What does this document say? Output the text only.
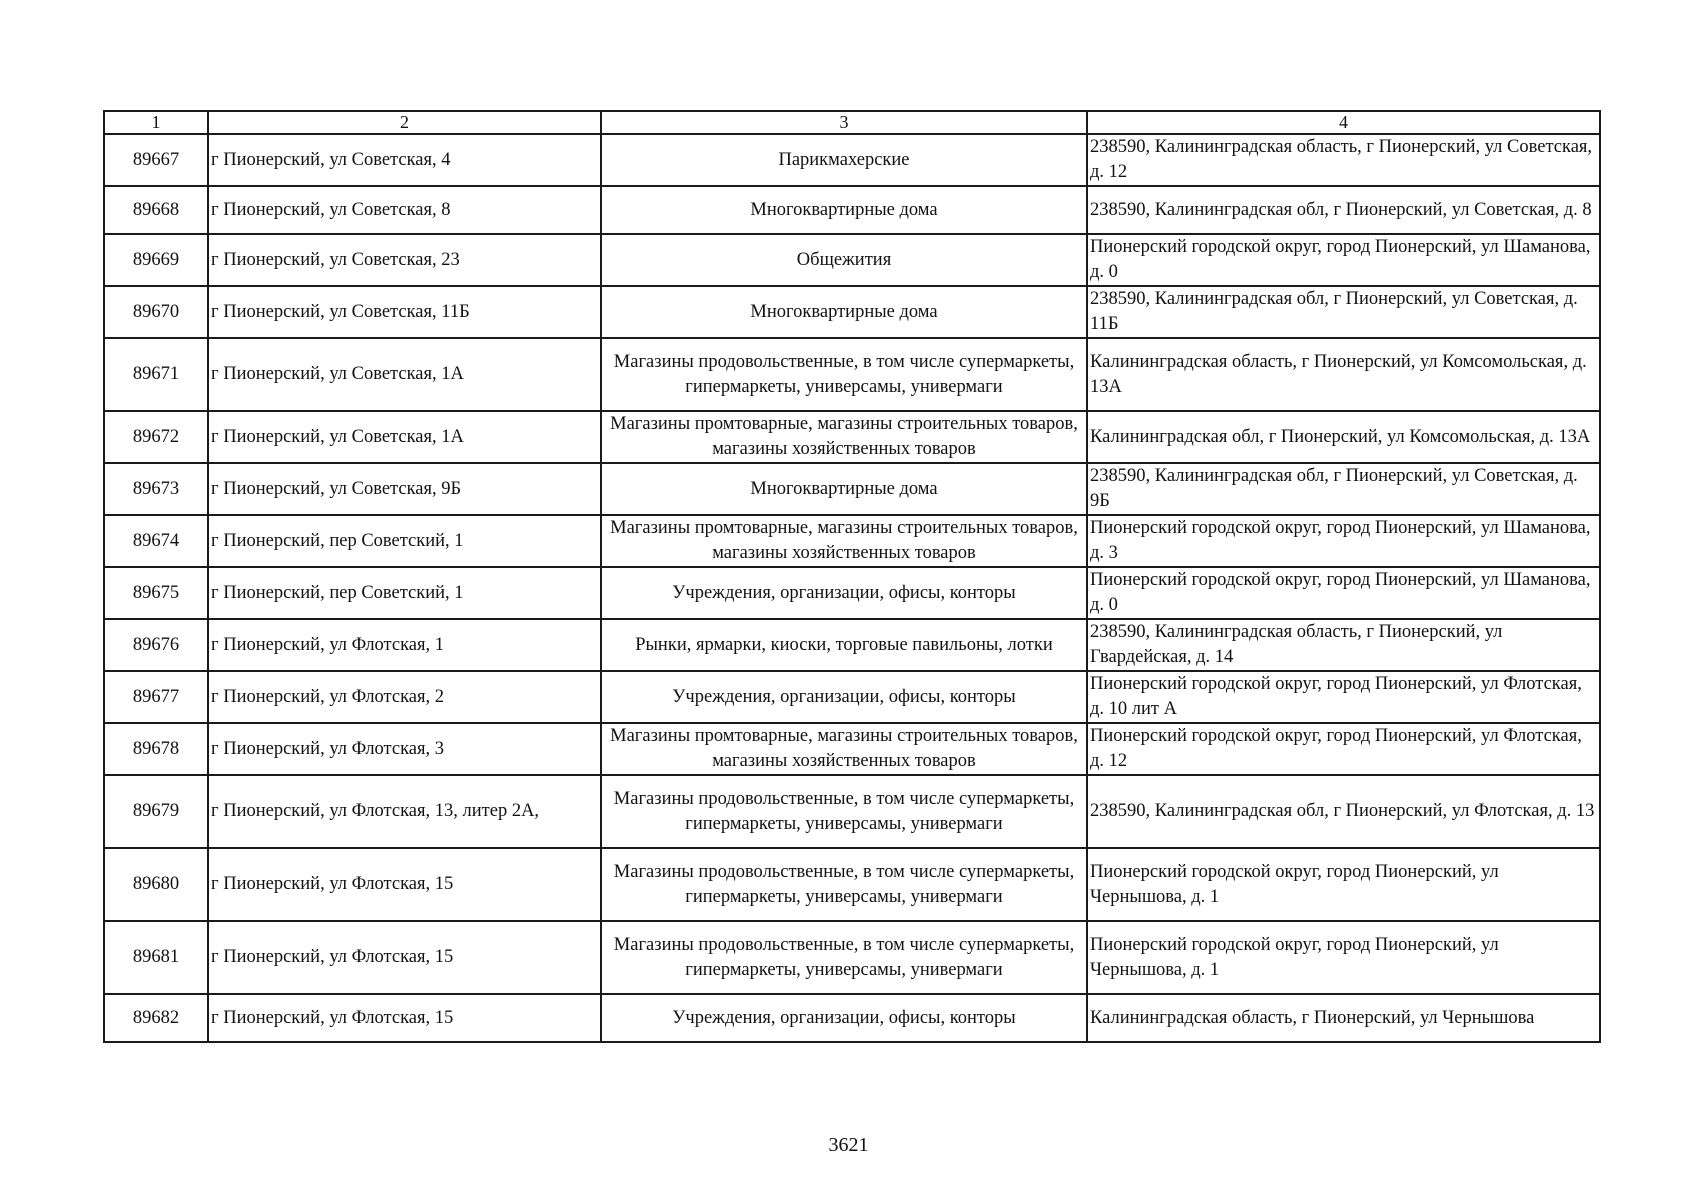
1	2	3	4
89667	г Пионерский, ул Советская, 4	Парикмахерские	238590, Калининградская область, г Пионерский, ул Советская, д. 12
89668	г Пионерский, ул Советская, 8	Многоквартирные дома	238590, Калининградская обл, г Пионерский, ул Советская, д. 8
89669	г Пионерский, ул Советская, 23	Общежития	Пионерский городской округ, город Пионерский, ул Шаманова, д. 0
89670	г Пионерский, ул Советская, 11Б	Многоквартирные дома	238590, Калининградская обл, г Пионерский, ул Советская, д. 11Б
89671	г Пионерский, ул Советская, 1А	Магазины продовольственные, в том числе супермаркеты, гипермаркеты, универсамы, универмаги	Калининградская область, г Пионерский, ул Комсомольская, д. 13А
89672	г Пионерский, ул Советская, 1А	Магазины промтоварные, магазины строительных товаров, магазины хозяйственных товаров	Калининградская обл, г Пионерский, ул Комсомольская, д. 13А
89673	г Пионерский, ул Советская, 9Б	Многоквартирные дома	238590, Калининградская обл, г Пионерский, ул Советская, д. 9Б
89674	г Пионерский, пер Советский, 1	Магазины промтоварные, магазины строительных товаров, магазины хозяйственных товаров	Пионерский городской округ, город Пионерский, ул Шаманова, д. 3
89675	г Пионерский, пер Советский, 1	Учреждения, организации, офисы, конторы	Пионерский городской округ, город Пионерский, ул Шаманова, д. 0
89676	г Пионерский, ул Флотская, 1	Рынки, ярмарки, киоски, торговые павильоны, лотки	238590, Калининградская область, г Пионерский, ул Гвардейская, д. 14
89677	г Пионерский, ул Флотская, 2	Учреждения, организации, офисы, конторы	Пионерский городской округ, город Пионерский, ул Флотская, д. 10 лит А
89678	г Пионерский, ул Флотская, 3	Магазины промтоварные, магазины строительных товаров, магазины хозяйственных товаров	Пионерский городской округ, город Пионерский, ул Флотская, д. 12
89679	г Пионерский, ул Флотская, 13, литер 2А,	Магазины продовольственные, в том числе супермаркеты, гипермаркеты, универсамы, универмаги	238590, Калининградская обл, г Пионерский, ул Флотская, д. 13
89680	г Пионерский, ул Флотская, 15	Магазины продовольственные, в том числе супермаркеты, гипермаркеты, универсамы, универмаги	Пионерский городской округ, город Пионерский, ул Чернышова, д. 1
89681	г Пионерский, ул Флотская, 15	Магазины продовольственные, в том числе супермаркеты, гипермаркеты, универсамы, универмаги	Пионерский городской округ, город Пионерский, ул Чернышова, д. 1
89682	г Пионерский, ул Флотская, 15	Учреждения, организации, офисы, конторы	Калининградская область, г Пионерский, ул Чернышова
3621
